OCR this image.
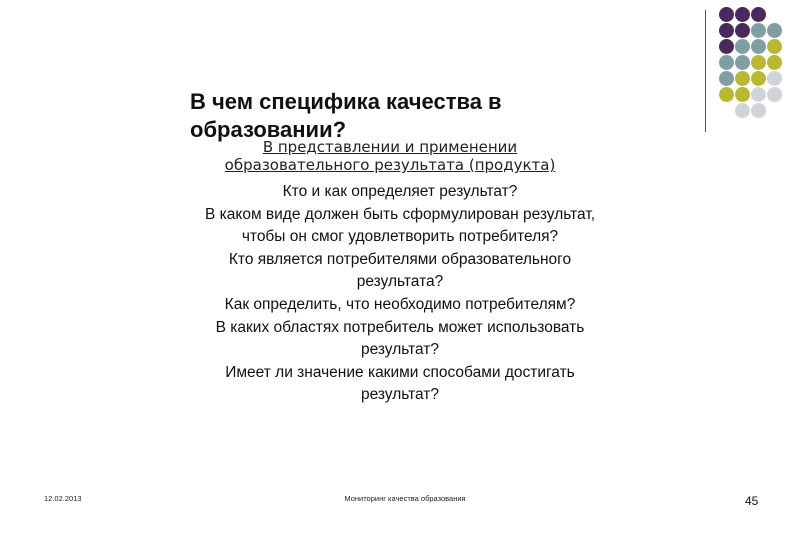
В чем специфика качества в
образовании?
В представлении и применении
образовательного результата (продукта)
Кто и как определяет результат?
В каком виде должен быть сформулирован результат,
чтобы он смог удовлетворить потребителя?
Кто является потребителями образовательного
результата?
Как определить, что необходимо потребителям?
В каких областях потребитель может использовать
результат?
Имеет ли значение какими способами достигать
результат?
12.02.2013	Мониторинг качества образования	45
